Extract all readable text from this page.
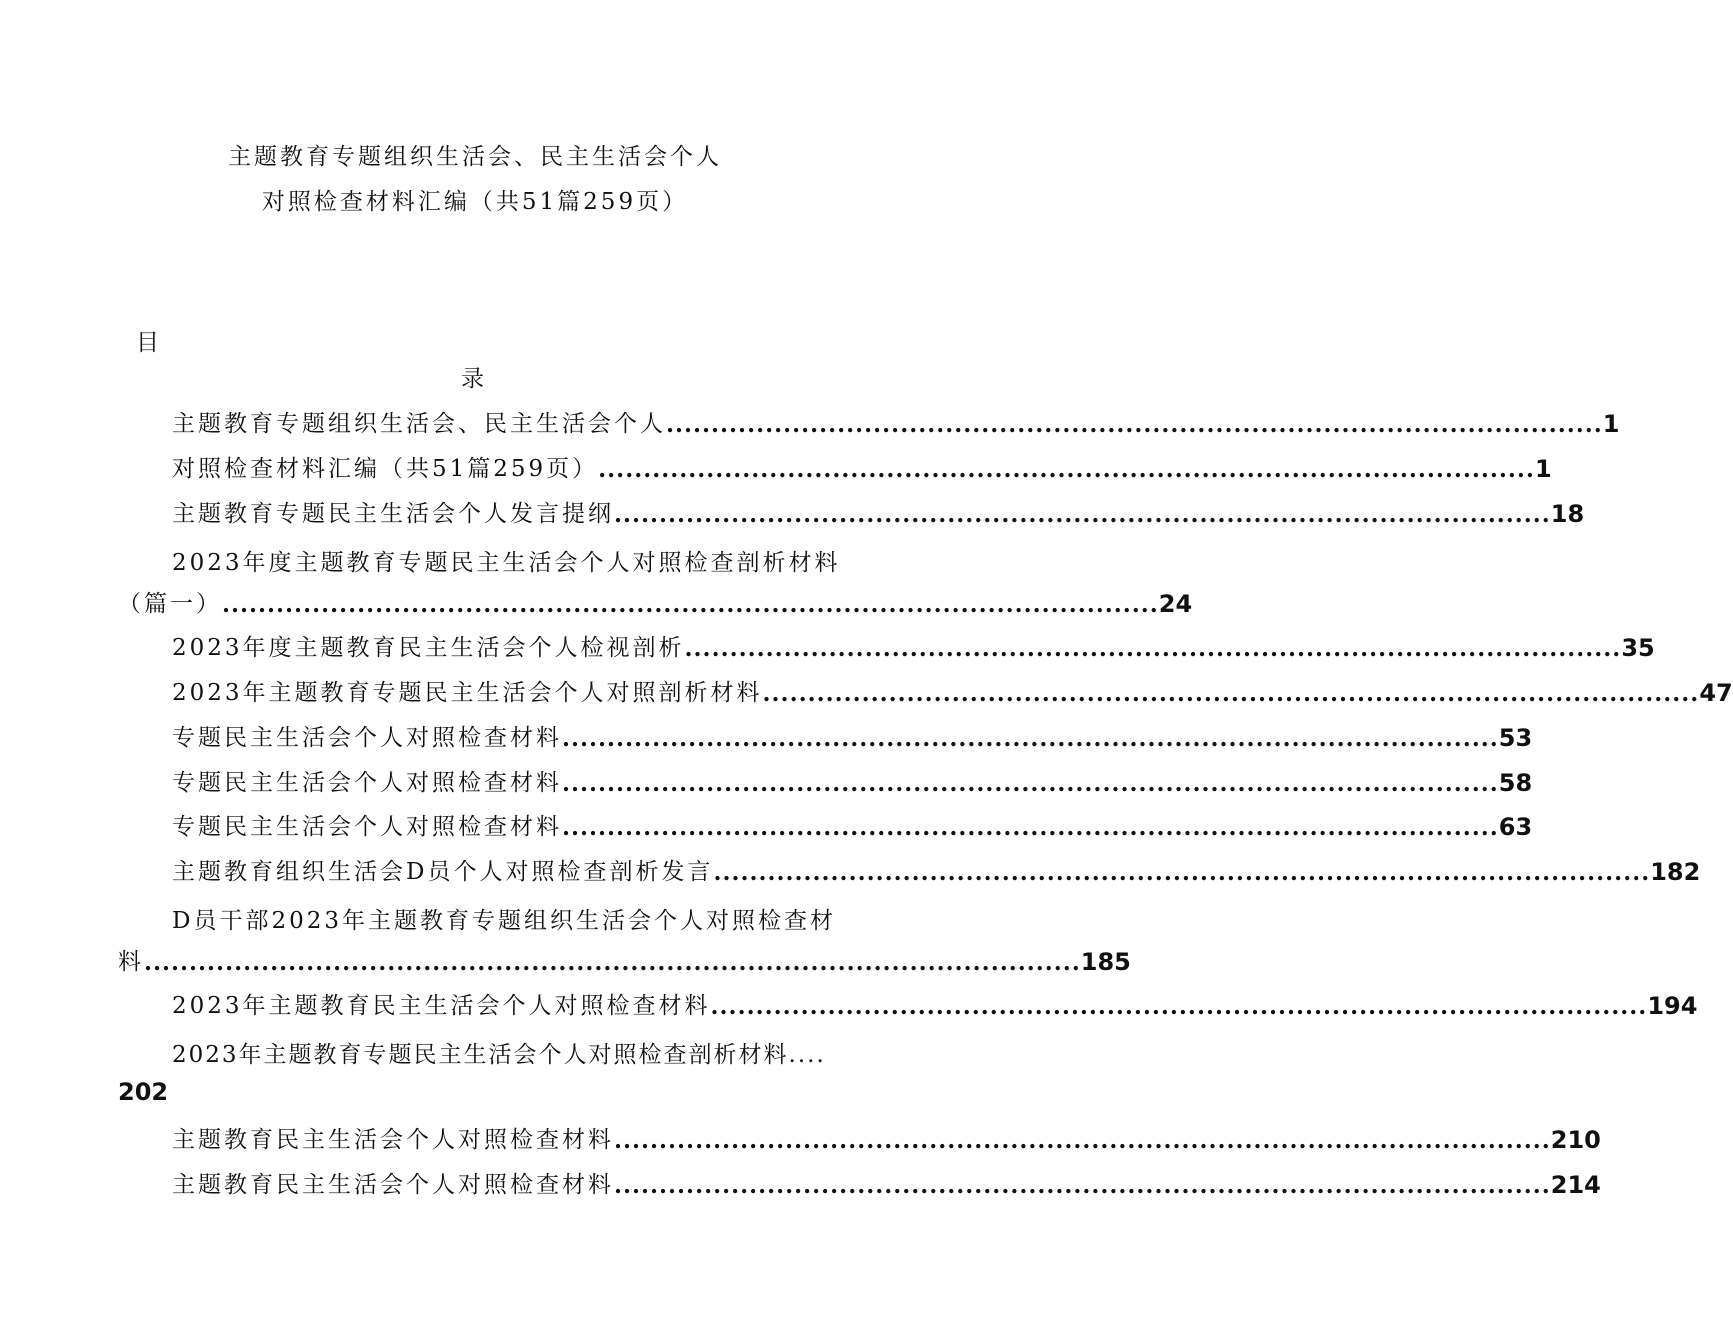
主题教育专题组织生活会、民主生活会个人
对照检查材料汇编（共51篇259页）
目
录
主题教育专题组织生活会、民主生活会个人 ........................................................................................................ 1
对照检查材料汇编（共51篇259页） ........................................................................................................ 1
主题教育专题民主生活会个人发言提纲 ........................................................................................................ 18
2023年度主题教育专题民主生活会个人对照检查剖析材料
（篇一） ........................................................................................................ 24
2023年度主题教育民主生活会个人检视剖析 ........................................................................................................ 35
2023年主题教育专题民主生活会个人对照剖析材料 ........................................................................................................ 47
专题民主生活会个人对照检查材料 ........................................................................................................ 53
专题民主生活会个人对照检查材料 ........................................................................................................ 58
专题民主生活会个人对照检查材料 ........................................................................................................ 63
主题教育组织生活会D员个人对照检查剖析发言 ........................................................................................................ 182
D员干部2023年主题教育专题组织生活会个人对照检查材
料 ........................................................................................................ 185
2023年主题教育民主生活会个人对照检查材料 ........................................................................................................ 194
2023年主题教育专题民主生活会个人对照检查剖析材料....
202
主题教育民主生活会个人对照检查材料 ........................................................................................................ 210
主题教育民主生活会个人对照检查材料 ........................................................................................................ 214
